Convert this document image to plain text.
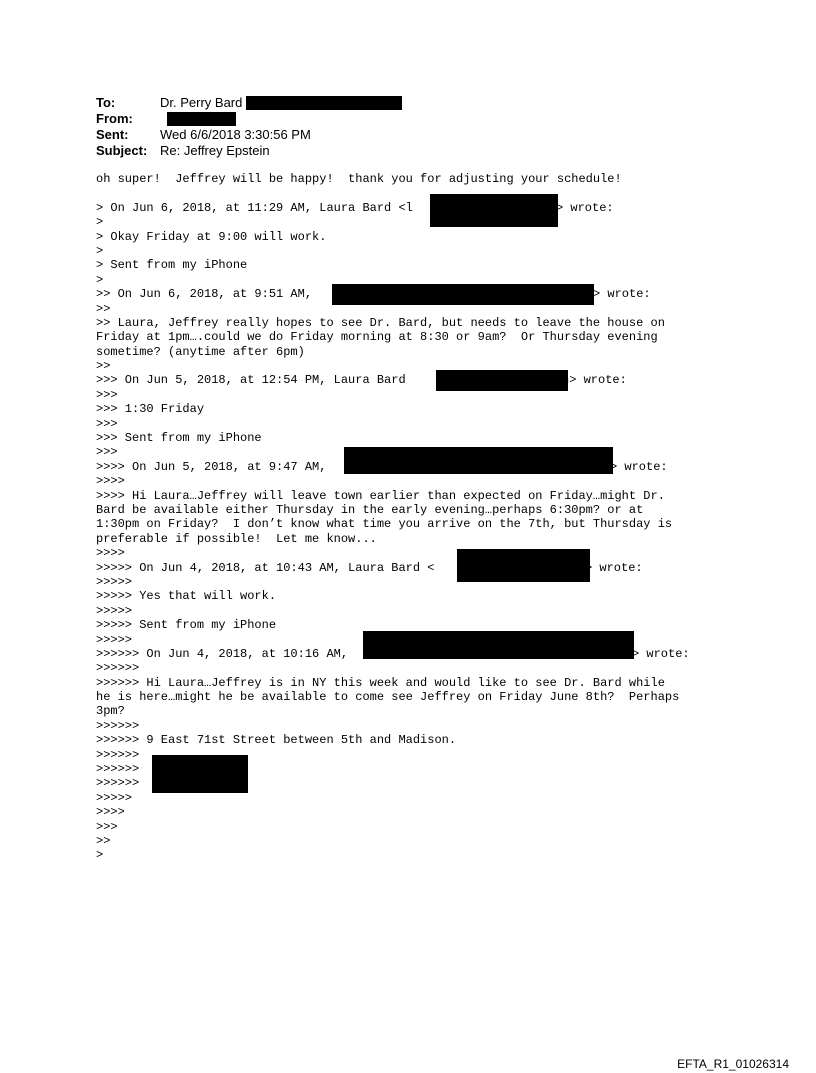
To:	Dr. Perry Bard
From:
Sent: Wed 6/6/2018 3:30:56 PM
Subject: Re: Jeffrey Epstein
oh super!  Jeffrey will be happy!  thank you for adjusting your schedule!
> On Jun 6, 2018, at 11:29 AM, Laura Bard <l	> wrote:
>
> Okay Friday at 9:00 will work.
>
> Sent from my iPhone
>
>> On Jun 6, 2018, at 9:51 AM,	> wrote:
>>
>> Laura, Jeffrey really hopes to see Dr. Bard, but needs to leave the house on
Friday at 1pm….could we do Friday morning at 8:30 or 9am?  Or Thursday evening
sometime? (anytime after 6pm)
>>
>>> On Jun 5, 2018, at 12:54 PM, Laura Bard	h> wrote:
>>>
>>> 1:30 Friday
>>>
>>> Sent from my iPhone
>>>
>>>> On Jun 5, 2018, at 9:47 AM,	> wrote:
>>>>
>>>> Hi Laura…Jeffrey will leave town earlier than expected on Friday…might Dr.
Bard be available either Thursday in the early evening…perhaps 6:30pm? or at
1:30pm on Friday?  I don’t know what time you arrive on the 7th, but Thursday is
preferable if possible!  Let me know...
>>>>
>>>>> On Jun 4, 2018, at 10:43 AM, Laura Bard <	> wrote:
>>>>>
>>>>> Yes that will work.
>>>>>
>>>>> Sent from my iPhone
>>>>>
>>>>>> On Jun 4, 2018, at 10:16 AM,	> wrote:
>>>>>>
>>>>>> Hi Laura…Jeffrey is in NY this week and would like to see Dr. Bard while
he is here…might he be available to come see Jeffrey on Friday June 8th?  Perhaps
3pm?
>>>>>>
>>>>>> 9 East 71st Street between 5th and Madison.
>>>>>>
>>>>>>
>>>>>>
>>>>>
>>>>
>>>
>>
>
EFTA_R1_01026314
